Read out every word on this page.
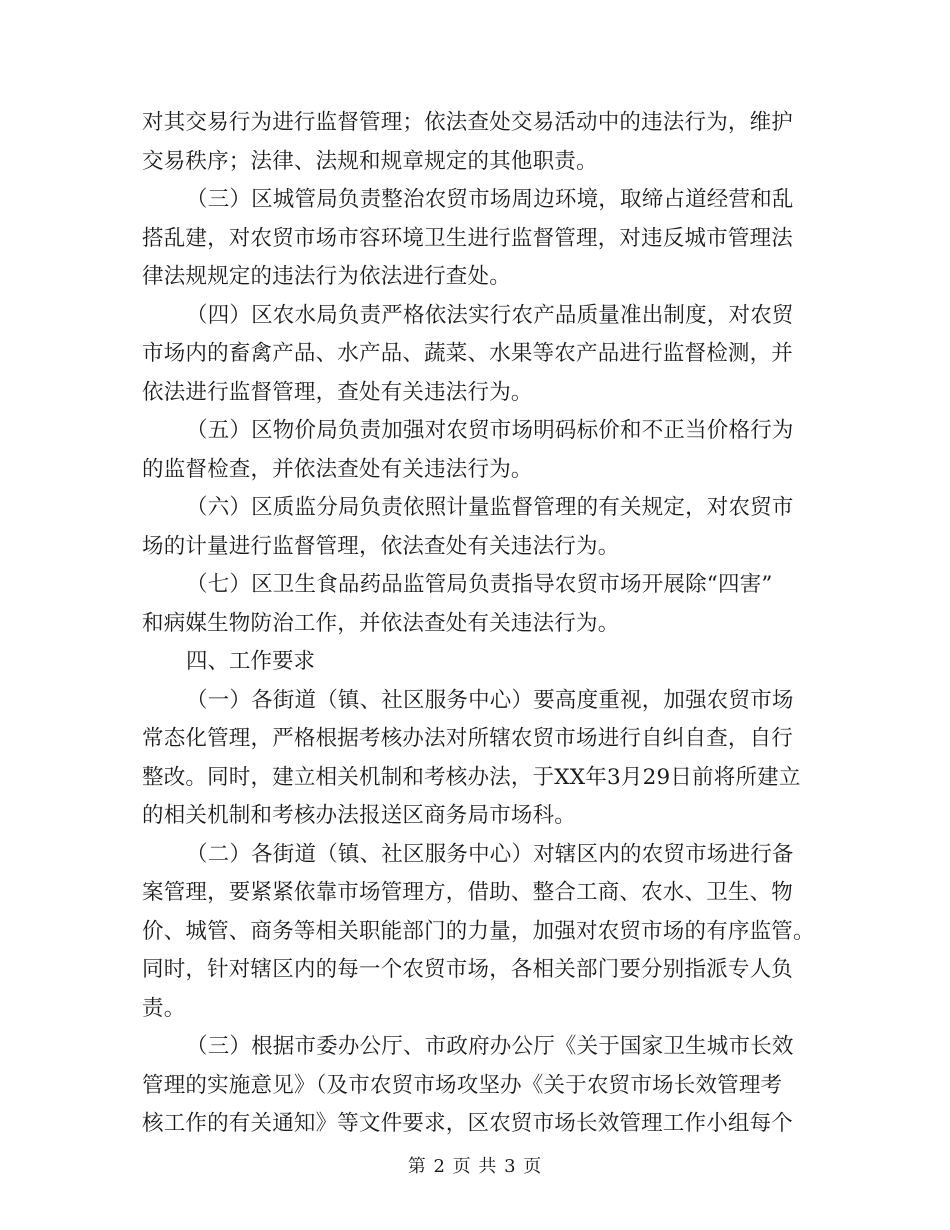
对其交易行为进行监督管理；依法查处交易活动中的违法行为，维护
交易秩序；法律、法规和规章规定的其他职责。

（三）区城管局负责整治农贸市场周边环境，取缔占道经营和乱
搭乱建，对农贸市场市容环境卫生进行监督管理，对违反城市管理法
律法规规定的违法行为依法进行查处。

（四）区农水局负责严格依法实行农产品质量准出制度，对农贸
市场内的畜禽产品、水产品、蔬菜、水果等农产品进行监督检测，并
依法进行监督管理，查处有关违法行为。

（五）区物价局负责加强对农贸市场明码标价和不正当价格行为
的监督检查，并依法查处有关违法行为。

（六）区质监分局负责依照计量监督管理的有关规定，对农贸市
场的计量进行监督管理，依法查处有关违法行为。

（七）区卫生食品药品监管局负责指导农贸市场开展除“四害”
和病媒生物防治工作，并依法查处有关违法行为。

四、工作要求

（一）各街道（镇、社区服务中心）要高度重视，加强农贸市场
常态化管理，严格根据考核办法对所辖农贸市场进行自纠自查，自行
整改。同时，建立相关机制和考核办法，于XX年3月29日前将所建立
的相关机制和考核办法报送区商务局市场科。

（二）各街道（镇、社区服务中心）对辖区内的农贸市场进行备
案管理，要紧紧依靠市场管理方，借助、整合工商、农水、卫生、物
价、城管、商务等相关职能部门的力量，加强对农贸市场的有序监管。
同时，针对辖区内的每一个农贸市场，各相关部门要分别指派专人负
责。

（三）根据市委办公厅、市政府办公厅《关于国家卫生城市长效
管理的实施意见》（及市农贸市场攻坚办《关于农贸市场长效管理考
核工作的有关通知》等文件要求，区农贸市场长效管理工作小组每个

第 2 页 共 3 页
